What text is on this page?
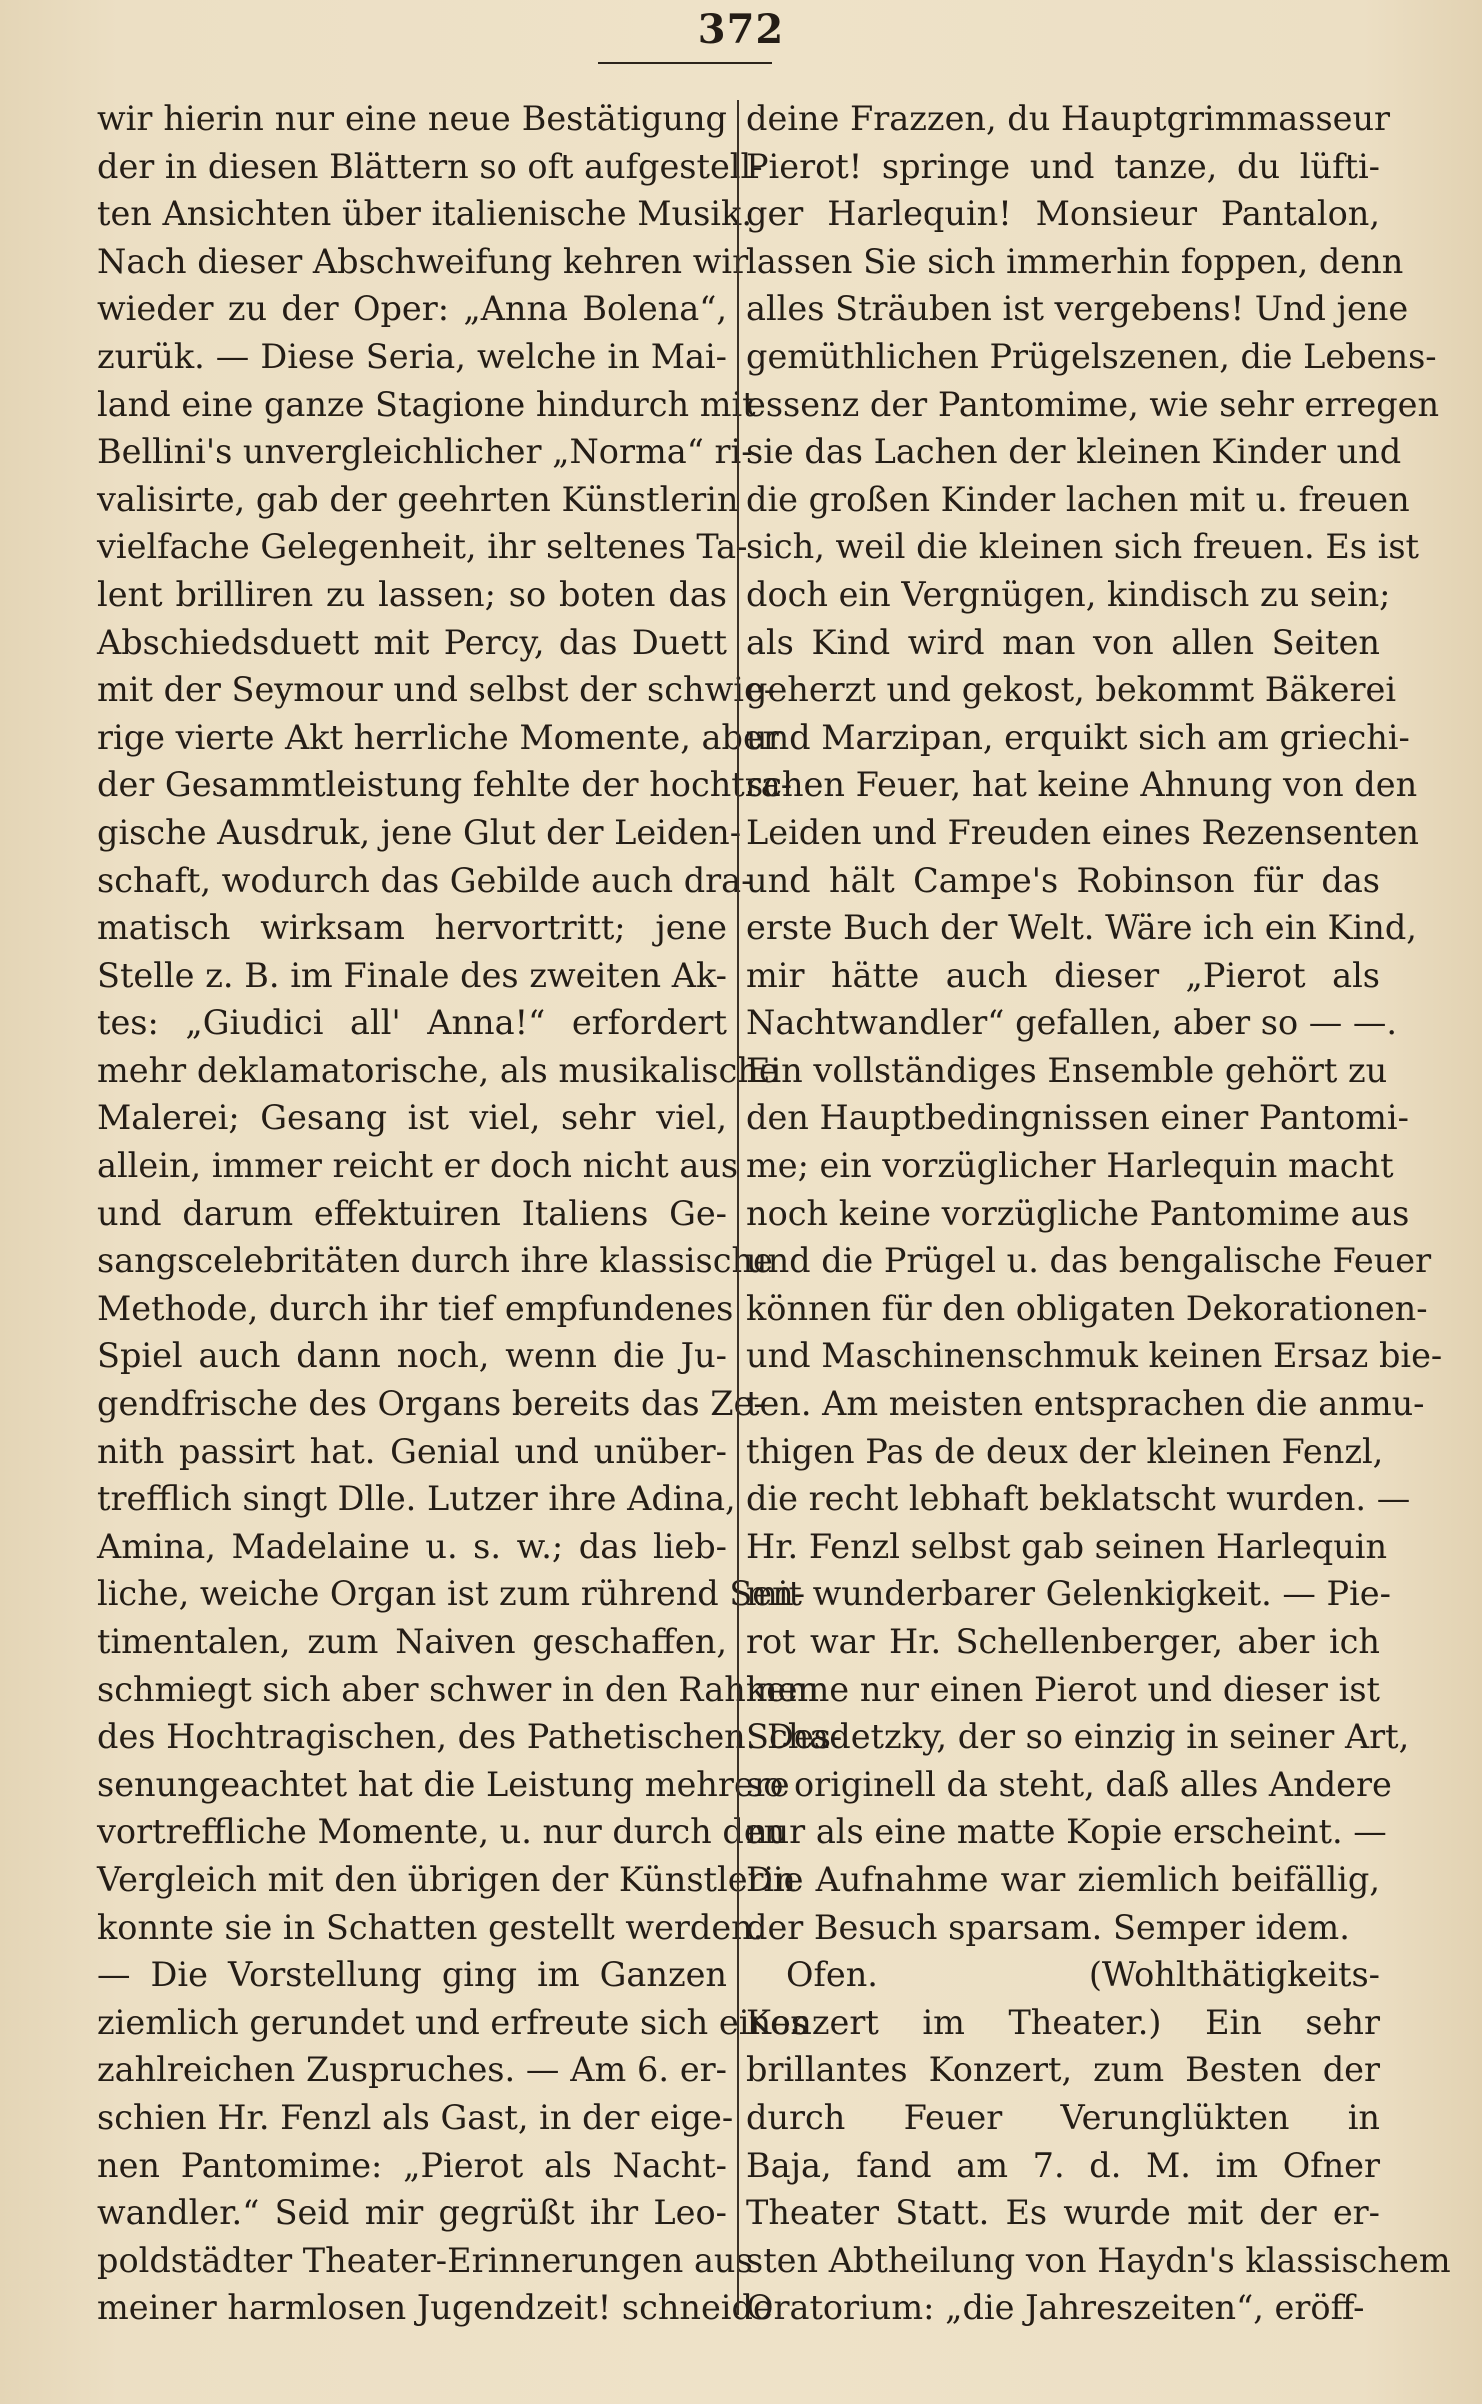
372
wir hierin nur eine neue Bestätigung
der in diesen Blättern so oft aufgestell-
ten Ansichten über italienische Musik.
Nach dieser Abschweifung kehren wir
wieder zu der Oper: „Anna Bolena“,
zurük. — Diese Seria, welche in Mai-
land eine ganze Stagione hindurch mit
Bellini's unvergleichlicher „Norma“ ri-
valisirte, gab der geehrten Künstlerin
vielfache Gelegenheit, ihr seltenes Ta-
lent brilliren zu lassen; so boten das
Abschiedsduett mit Percy, das Duett
mit der Seymour und selbst der schwie-
rige vierte Akt herrliche Momente, aber
der Gesammtleistung fehlte der hochtra-
gische Ausdruk, jene Glut der Leiden-
schaft, wodurch das Gebilde auch dra-
matisch wirksam hervortritt; jene
Stelle z. B. im Finale des zweiten Ak-
tes: „Giudici all' Anna!“ erfordert
mehr deklamatorische, als musikalische
Malerei; Gesang ist viel, sehr viel,
allein, immer reicht er doch nicht aus
und darum effektuiren Italiens Ge-
sangscelebritäten durch ihre klassische
Methode, durch ihr tief empfundenes
Spiel auch dann noch, wenn die Ju-
gendfrische des Organs bereits das Ze-
nith passirt hat. Genial und unüber-
trefflich singt Dlle. Lutzer ihre Adina,
Amina, Madelaine u. s. w.; das lieb-
liche, weiche Organ ist zum rührend Sen-
timentalen, zum Naiven geschaffen,
schmiegt sich aber schwer in den Rahmen
des Hochtragischen, des Pathetischen. Des-
senungeachtet hat die Leistung mehrere
vortreffliche Momente, u. nur durch den
Vergleich mit den übrigen der Künstlerin
konnte sie in Schatten gestellt werden.
— Die Vorstellung ging im Ganzen
ziemlich gerundet und erfreute sich eines
zahlreichen Zuspruches. — Am 6. er-
schien Hr. Fenzl als Gast, in der eige-
nen Pantomime: „Pierot als Nacht-
wandler.“ Seid mir gegrüßt ihr Leo-
poldstädter Theater-Erinnerungen aus
meiner harmlosen Jugendzeit! schneide
deine Frazzen, du Hauptgrimmasseur
Pierot! springe und tanze, du lüfti-
ger Harlequin! Monsieur Pantalon,
lassen Sie sich immerhin foppen, denn
alles Sträuben ist vergebens! Und jene
gemüthlichen Prügelszenen, die Lebens-
essenz der Pantomime, wie sehr erregen
sie das Lachen der kleinen Kinder und
die großen Kinder lachen mit u. freuen
sich, weil die kleinen sich freuen. Es ist
doch ein Vergnügen, kindisch zu sein;
als Kind wird man von allen Seiten
geherzt und gekost, bekommt Bäkerei
und Marzipan, erquikt sich am griechi-
schen Feuer, hat keine Ahnung von den
Leiden und Freuden eines Rezensenten
und hält Campe's Robinson für das
erste Buch der Welt. Wäre ich ein Kind,
mir hätte auch dieser „Pierot als
Nachtwandler“ gefallen, aber so — —.
Ein vollständiges Ensemble gehört zu
den Hauptbedingnissen einer Pantomi-
me; ein vorzüglicher Harlequin macht
noch keine vorzügliche Pantomime aus
und die Prügel u. das bengalische Feuer
können für den obligaten Dekorationen-
und Maschinenschmuk keinen Ersaz bie-
ten. Am meisten entsprachen die anmu-
thigen Pas de deux der kleinen Fenzl,
die recht lebhaft beklatscht wurden. —
Hr. Fenzl selbst gab seinen Harlequin
mit wunderbarer Gelenkigkeit. — Pie-
rot war Hr. Schellenberger, aber ich
kenne nur einen Pierot und dieser ist
Schadetzky, der so einzig in seiner Art,
so originell da steht, daß alles Andere
nur als eine matte Kopie erscheint. —
Die Aufnahme war ziemlich beifällig,
der Besuch sparsam. Semper idem.
Ofen. (Wohlthätigkeits-
Konzert im Theater.) Ein sehr
brillantes Konzert, zum Besten der
durch Feuer Verunglükten in
Baja, fand am 7. d. M. im Ofner
Theater Statt. Es wurde mit der er-
sten Abtheilung von Haydn's klassischem
Oratorium: „die Jahreszeiten“, eröff-
